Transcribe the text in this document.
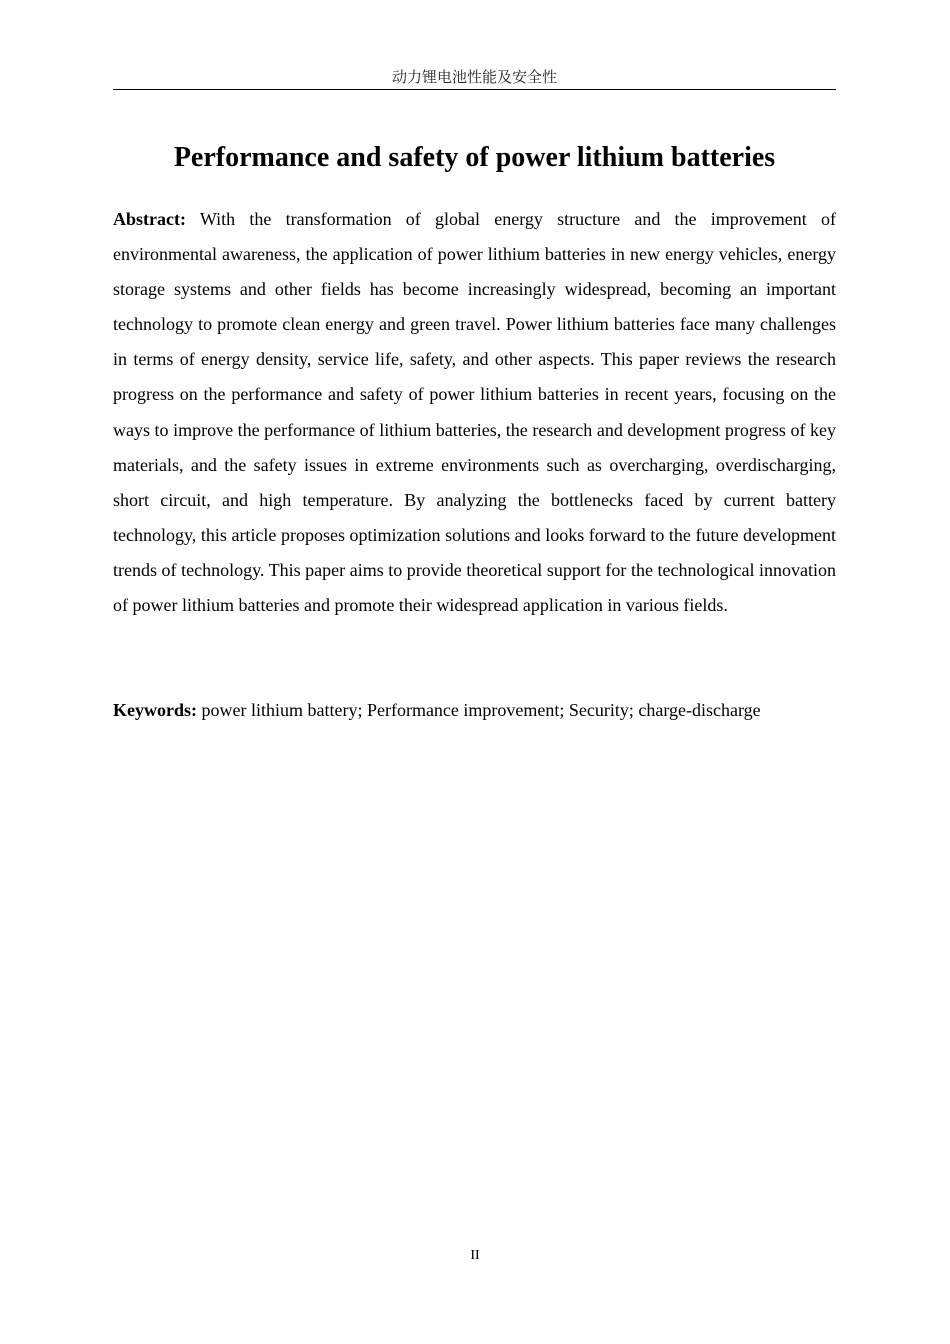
动力锂电池性能及安全性
Performance and safety of power lithium batteries

Abstract: With the transformation of global energy structure and the improvement of environmental awareness, the application of power lithium batteries in new energy vehicles, energy storage systems and other fields has become increasingly widespread, becoming an important technology to promote clean energy and green travel. Power lithium batteries face many challenges in terms of energy density, service life, safety, and other aspects. This paper reviews the research progress on the performance and safety of power lithium batteries in recent years, focusing on the ways to improve the performance of lithium batteries, the research and development progress of key materials, and the safety issues in extreme environments such as overcharging, overdischarging, short circuit, and high temperature. By analyzing the bottlenecks faced by current battery technology, this article proposes optimization solutions and looks forward to the future development trends of technology. This paper aims to provide theoretical support for the technological innovation of power lithium batteries and promote their widespread application in various fields.

Keywords: power lithium battery; Performance improvement; Security; charge-discharge

II
